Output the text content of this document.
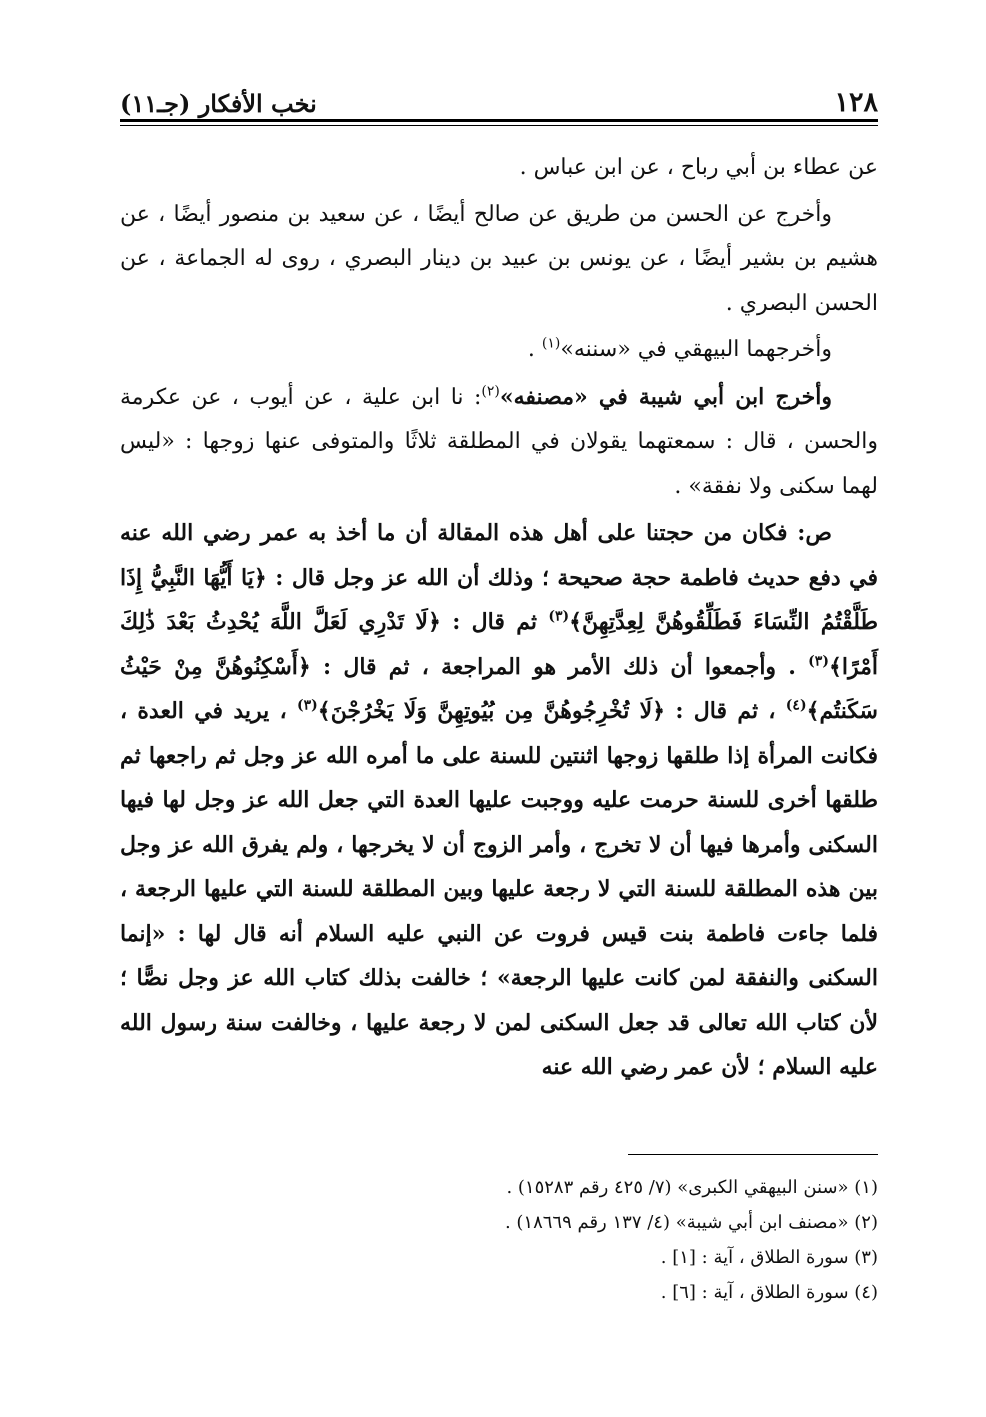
١٢٨
نخب الأفكار (جـ١١)

عن عطاء بن أبي رباح ، عن ابن عباس .

وأخرج عن الحسن من طريق عن صالح أيضًا ، عن سعيد بن منصور أيضًا ، عن هشيم بن بشير أيضًا ، عن يونس بن عبيد بن دينار البصري ، روى له الجماعة ، عن الحسن البصري .

وأخرجهما البيهقي في «سننه»$^{(١)}$ .

وأخرج ابن أبي شيبة في «مصنفه»$^{(٢)}$: نا ابن علية ، عن أيوب ، عن عكرمة والحسن ، قال : سمعتهما يقولان في المطلقة ثلاثًا والمتوفى عنها زوجها : «ليس لهما سكنى ولا نفقة» .

ص: فكان من حجتنا على أهل هذه المقالة أن ما أخذ به عمر رضي الله عنه في دفع حديث فاطمة حجة صحيحة ؛ وذلك أن الله عز وجل قال : ﴿يَا أَيُّهَا النَّبِيُّ إِذَا طَلَّقْتُمُ النِّسَاءَ فَطَلِّقُوهُنَّ لِعِدَّتِهِنَّ﴾$^{(٣)}$ ثم قال : ﴿لَا تَدْرِي لَعَلَّ اللَّهَ يُحْدِثُ بَعْدَ ذَٰلِكَ أَمْرًا﴾$^{(٣)}$ . وأجمعوا أن ذلك الأمر هو المراجعة ، ثم قال : ﴿أَسْكِنُوهُنَّ مِنْ حَيْثُ سَكَنتُم﴾$^{(٤)}$ ، ثم قال : ﴿لَا تُخْرِجُوهُنَّ مِن بُيُوتِهِنَّ وَلَا يَخْرُجْنَ﴾$^{(٣)}$ ، يريد في العدة ، فكانت المرأة إذا طلقها زوجها اثنتين للسنة على ما أمره الله عز وجل ثم راجعها ثم طلقها أخرى للسنة حرمت عليه ووجبت عليها العدة التي جعل الله عز وجل لها فيها السكنى وأمرها فيها أن لا تخرج ، وأمر الزوج أن لا يخرجها ، ولم يفرق الله عز وجل بين هذه المطلقة للسنة التي لا رجعة عليها وبين المطلقة للسنة التي عليها الرجعة ، فلما جاءت فاطمة بنت قيس فروت عن النبي عليه السلام أنه قال لها : «إنما السكنى والنفقة لمن كانت عليها الرجعة» ؛ خالفت بذلك كتاب الله عز وجل نصًّا ؛ لأن كتاب الله تعالى قد جعل السكنى لمن لا رجعة عليها ، وخالفت سنة رسول الله عليه السلام ؛ لأن عمر رضي الله عنه

(١) «سنن البيهقي الكبرى» (٧/ ٤٢٥ رقم ١٥٢٨٣) .
(٢) «مصنف ابن أبي شيبة» (٤/ ١٣٧ رقم ١٨٦٦٩) .
(٣) سورة الطلاق ، آية : [١] .
(٤) سورة الطلاق ، آية : [٦] .
